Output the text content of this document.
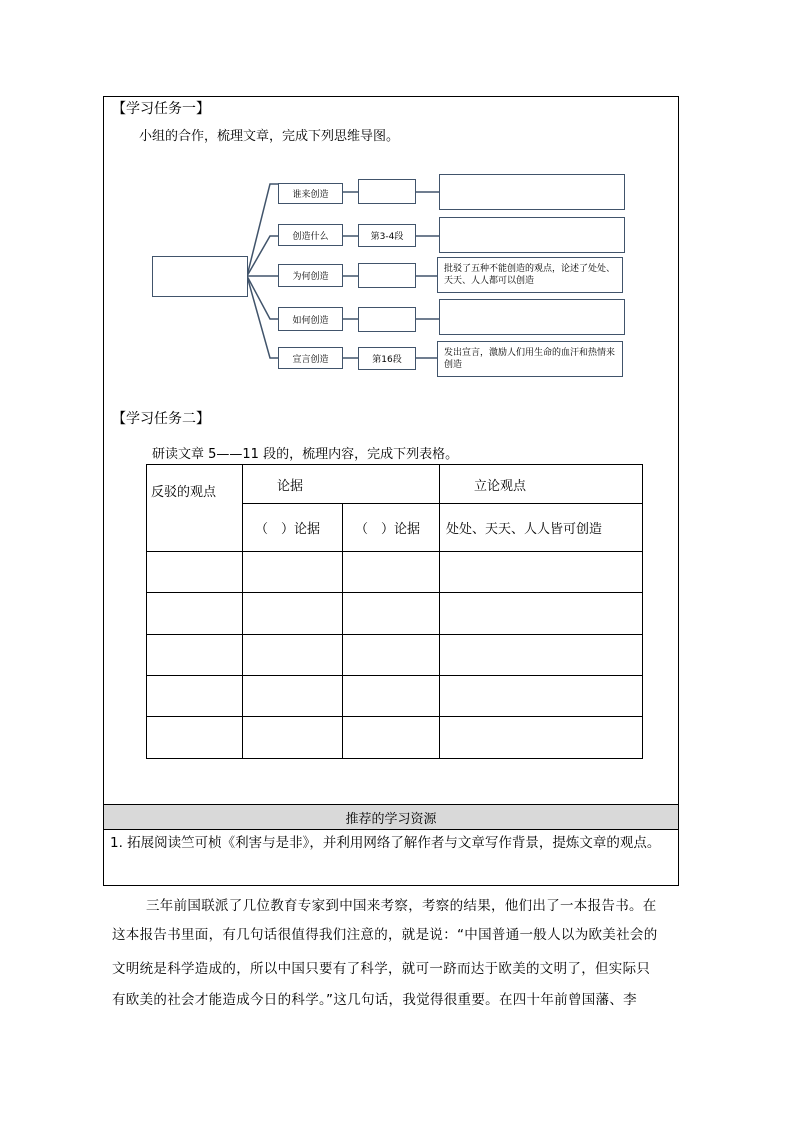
【学习任务一】
小组的合作，梳理文章，完成下列思维导图。
【学习任务二】
研读文章 5——11 段的，梳理内容，完成下列表格。
推荐的学习资源
1. 拓展阅读竺可桢《利害与是非》，并利用网络了解作者与文章写作背景，提炼文章的观点。
谁来创造
创造什么	第3-4段
为何创造
批驳了五种不能创造的观点，论述了处处、天天、人人都可以创造
如何创造
宣言创造	第16段
发出宣言，激励人们用生命的血汗和热情来创造
反驳的观点	论据		立论观点
	（　）论据	（　）论据	处处、天天、人人皆可创造

三年前国联派了几位教育专家到中国来考察，考察的结果，他们出了一本报告书。在
这本报告书里面，有几句话很值得我们注意的，就是说：“中国普通一般人以为欧美社会的
文明统是科学造成的，所以中国只要有了科学，就可一跻而达于欧美的文明了，但实际只
有欧美的社会才能造成今日的科学。”这几句话，我觉得很重要。在四十年前曾国藩、李
